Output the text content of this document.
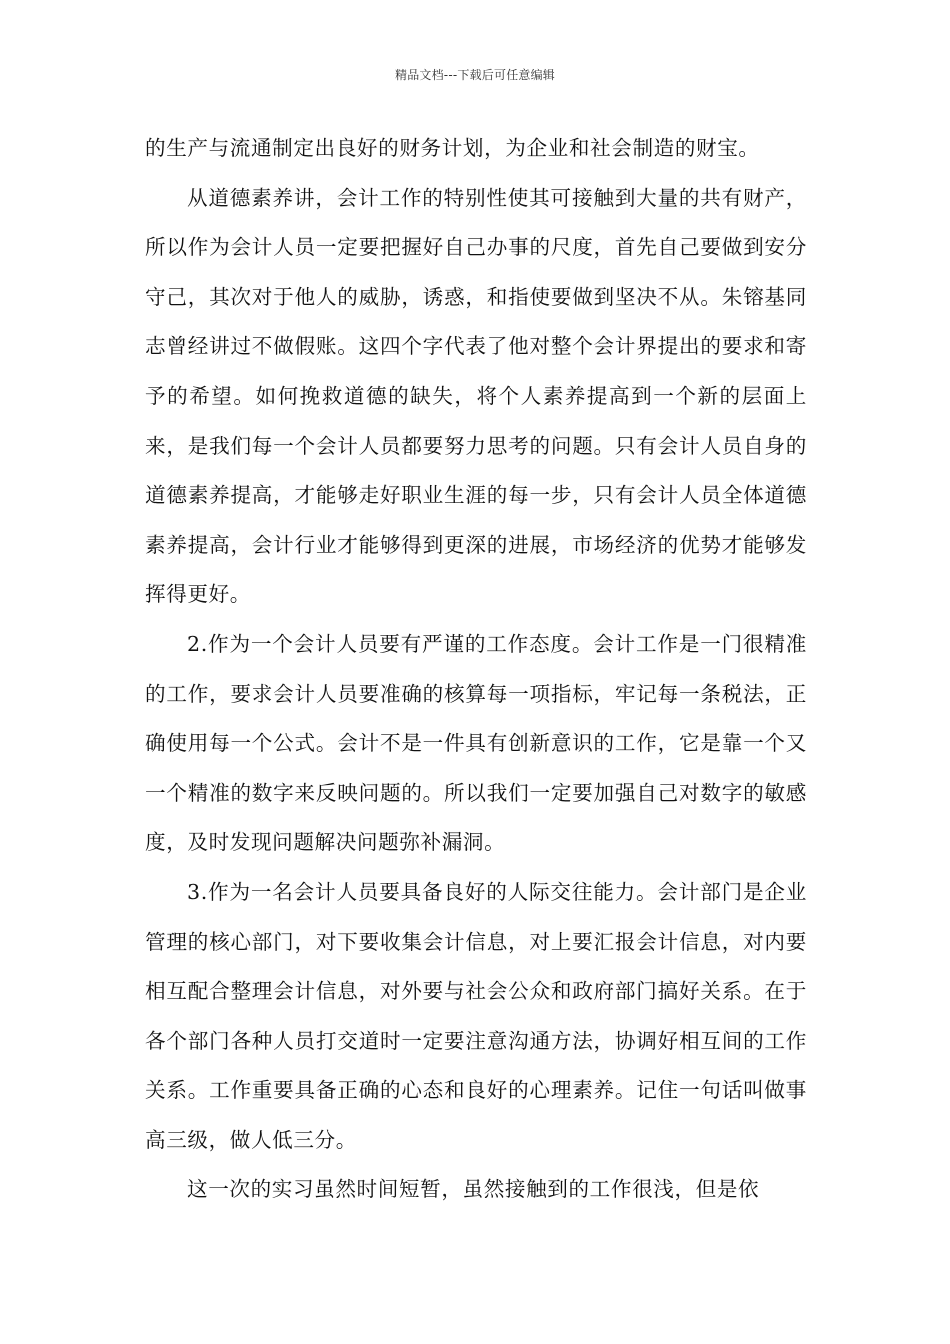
精品文档---下载后可任意编辑

的生产与流通制定出良好的财务计划，为企业和社会制造的财宝。

从道德素养讲，会计工作的特别性使其可接触到大量的共有财产，所以作为会计人员一定要把握好自己办事的尺度，首先自己要做到安分守己，其次对于他人的威胁，诱惑，和指使要做到坚决不从。朱镕基同志曾经讲过不做假账。这四个字代表了他对整个会计界提出的要求和寄予的希望。如何挽救道德的缺失，将个人素养提高到一个新的层面上来，是我们每一个会计人员都要努力思考的问题。只有会计人员自身的道德素养提高，才能够走好职业生涯的每一步，只有会计人员全体道德素养提高，会计行业才能够得到更深的进展，市场经济的优势才能够发挥得更好。

2.作为一个会计人员要有严谨的工作态度。会计工作是一门很精准的工作，要求会计人员要准确的核算每一项指标，牢记每一条税法，正确使用每一个公式。会计不是一件具有创新意识的工作，它是靠一个又一个精准的数字来反映问题的。所以我们一定要加强自己对数字的敏感度，及时发现问题解决问题弥补漏洞。

3.作为一名会计人员要具备良好的人际交往能力。会计部门是企业管理的核心部门，对下要收集会计信息，对上要汇报会计信息，对内要相互配合整理会计信息，对外要与社会公众和政府部门搞好关系。在于各个部门各种人员打交道时一定要注意沟通方法，协调好相互间的工作关系。工作重要具备正确的心态和良好的心理素养。记住一句话叫做事高三级，做人低三分。

这一次的实习虽然时间短暂，虽然接触到的工作很浅，但是依
